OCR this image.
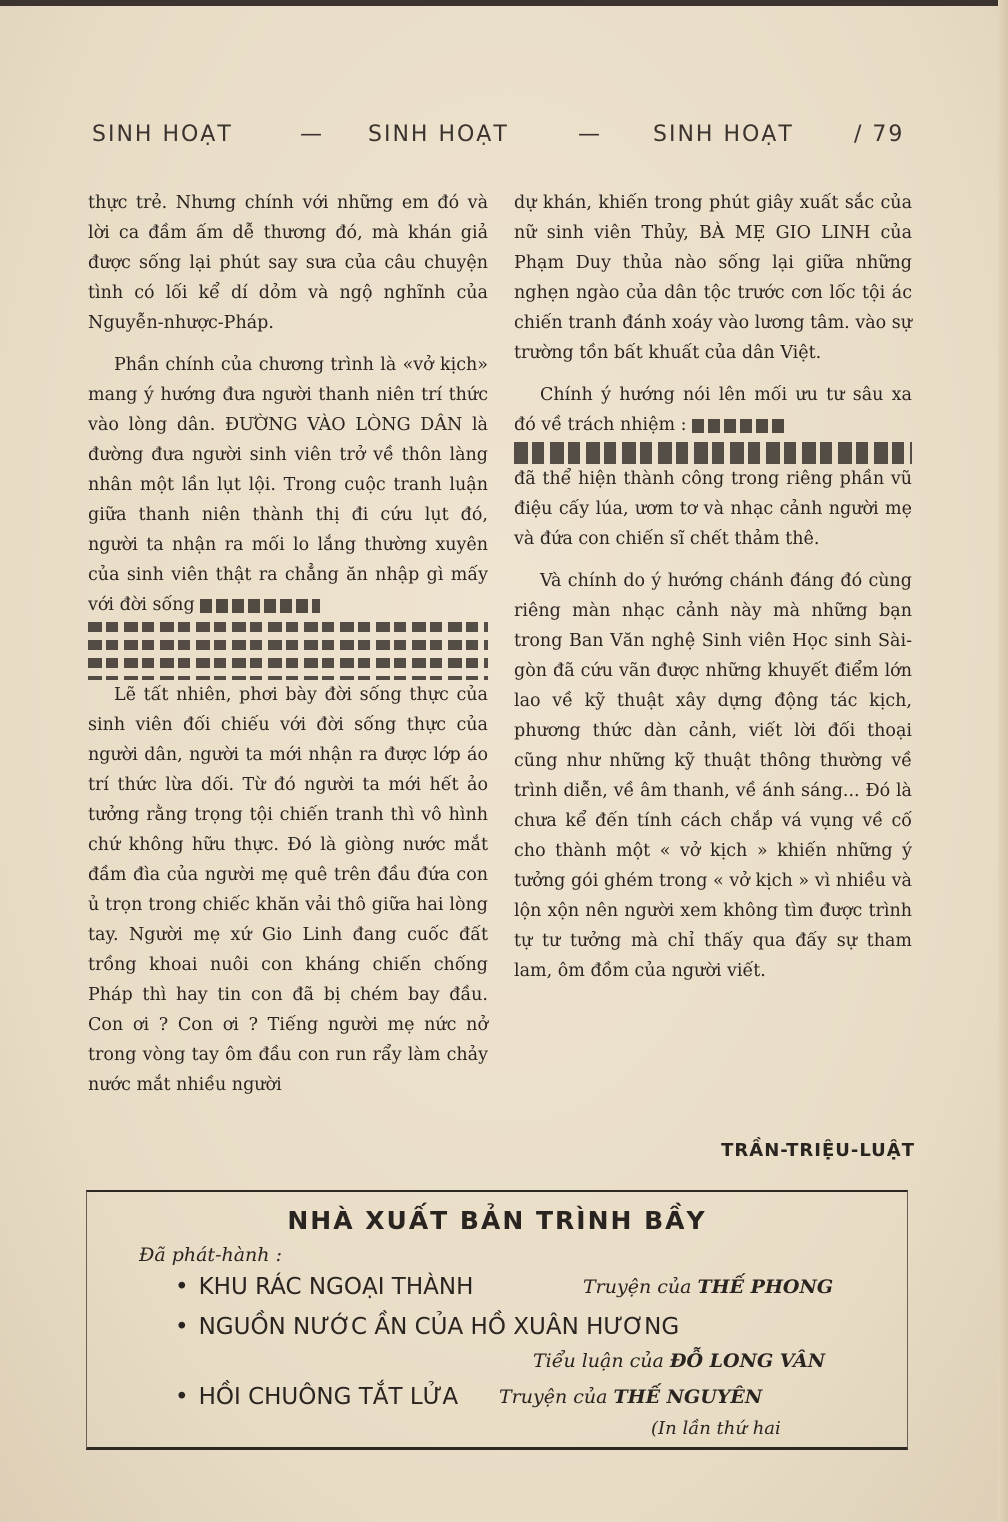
SINH HOẠT	— SINH HOẠT	— SINH HOẠT	/ 79

thực trẻ. Nhưng chính với những em đó và lời ca đầm ấm dễ thương đó, mà khán giả được sống lại phút say sưa của câu chuyện tình có lối kể dí dỏm và ngộ nghĩnh của Nguyễn-nhược-Pháp.

Phần chính của chương trình là «vở kịch» mang ý hướng đưa người thanh niên trí thức vào lòng dân. ĐƯỜNG VÀO LÒNG DÂN là đường đưa người sinh viên trở về thôn làng nhân một lần lụt lội. Trong cuộc tranh luận giữa thanh niên thành thị đi cứu lụt đó, người ta nhận ra mối lo lắng thường xuyên của sinh viên thật ra chẳng ăn nhập gì mấy với đời sống

Lẽ tất nhiên, phơi bày đời sống thực của sinh viên đối chiếu với đời sống thực của người dân, người ta mới nhận ra được lớp áo trí thức lừa dối. Từ đó người ta mới hết ảo tưởng rằng trọng tội chiến tranh thì vô hình chứ không hữu thực. Đó là giòng nước mắt đầm đìa của người mẹ quê trên đầu đứa con ủ trọn trong chiếc khăn vải thô giữa hai lòng tay. Người mẹ xứ Gio Linh đang cuốc đất trồng khoai nuôi con kháng chiến chống Pháp thì hay tin con đã bị chém bay đầu. Con ơi ? Con ơi ? Tiếng người mẹ nức nở trong vòng tay ôm đầu con run rẩy làm chảy nước mắt nhiều người

dự khán, khiến trong phút giây xuất sắc của nữ sinh viên Thủy, BÀ MẸ GIO LINH của Phạm Duy thủa nào sống lại giữa những nghẹn ngào của dân tộc trước cơn lốc tội ác chiến tranh đánh xoáy vào lương tâm. vào sự trường tồn bất khuất của dân Việt.

Chính ý hướng nói lên mối ưu tư sâu xa đó về trách nhiệm :

đã thể hiện thành công trong riêng phần vũ điệu cấy lúa, ươm tơ và nhạc cảnh người mẹ và đứa con chiến sĩ chết thảm thê.

Và chính do ý hướng chánh đáng đó cùng riêng màn nhạc cảnh này mà những bạn trong Ban Văn nghệ Sinh viên Học sinh Sài-gòn đã cứu vãn được những khuyết điểm lớn lao về kỹ thuật xây dựng động tác kịch, phương thức dàn cảnh, viết lời đối thoại cũng như những kỹ thuật thông thường về trình diễn, về âm thanh, về ánh sáng... Đó là chưa kể đến tính cách chắp vá vụng về cố cho thành một « vở kịch » khiến những ý tưởng gói ghém trong « vở kịch » vì nhiều và lộn xộn nên người xem không tìm được trình tự tư tưởng mà chỉ thấy qua đấy sự tham lam, ôm đồm của người viết.

TRẦN-TRIỆU-LUẬT
NHÀ XUẤT BẢN TRÌNH BẦY
Đã phát-hành :
• KHU RÁC NGOẠI THÀNH	Truyện của THẾ PHONG
• NGUỒN NƯỚC ẦN CỦA HỒ XUÂN HƯƠNG
Tiểu luận của ĐỖ LONG VÂN
• HỒI CHUÔNG TẮT LỬA Truyện của THẾ NGUYÊN
(In lần thứ hai
